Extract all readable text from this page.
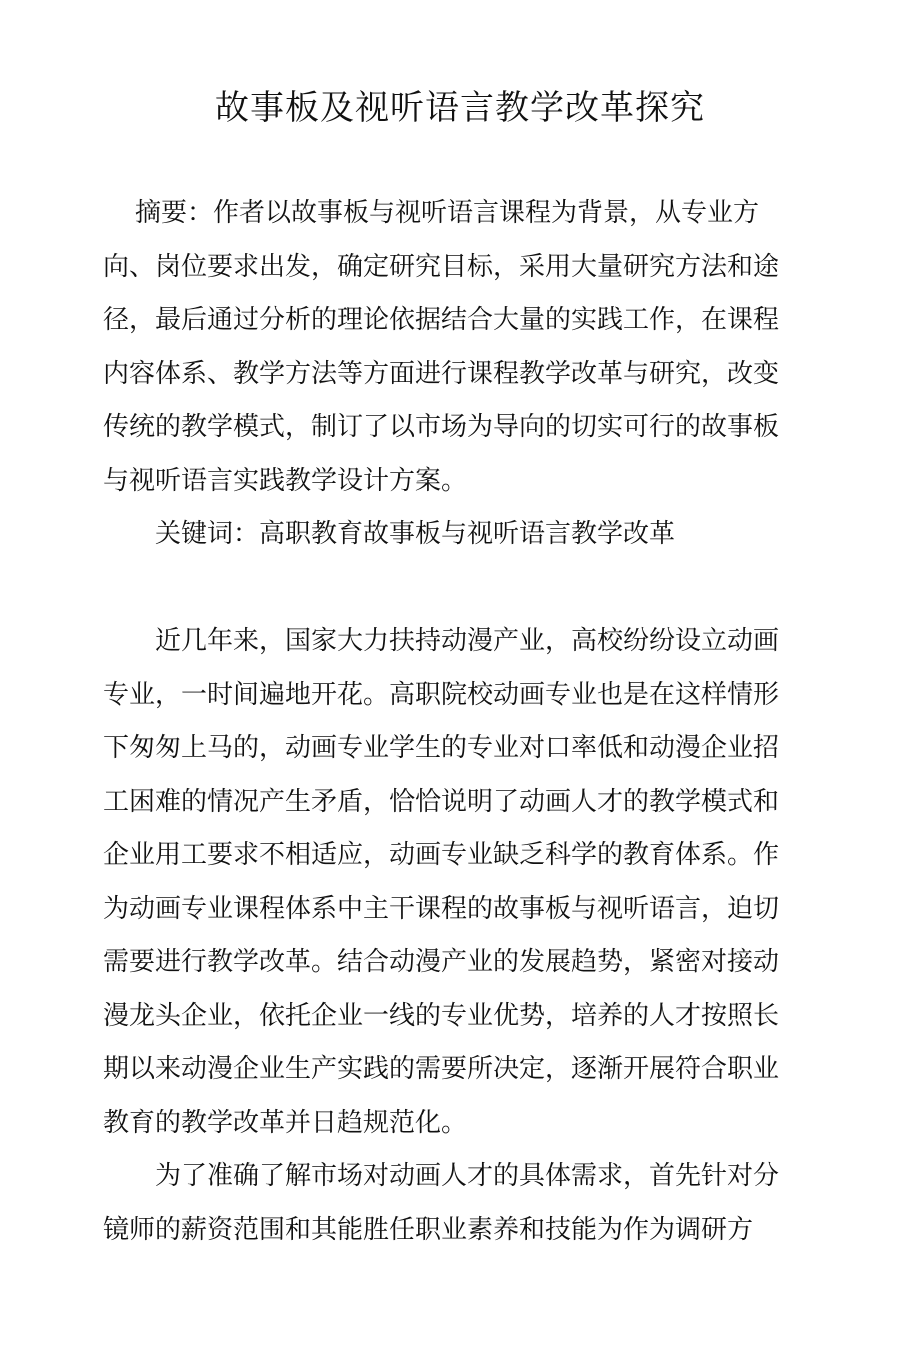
故事板及视听语言教学改革探究
摘要：作者以故事板与视听语言课程为背景，从专业方
向、岗位要求出发，确定研究目标，采用大量研究方法和途
径，最后通过分析的理论依据结合大量的实践工作，在课程
内容体系、教学方法等方面进行课程教学改革与研究，改变
传统的教学模式，制订了以市场为导向的切实可行的故事板
与视听语言实践教学设计方案。
关键词：高职教育故事板与视听语言教学改革
近几年来，国家大力扶持动漫产业，高校纷纷设立动画
专业，一时间遍地开花。高职院校动画专业也是在这样情形
下匆匆上马的，动画专业学生的专业对口率低和动漫企业招
工困难的情况产生矛盾，恰恰说明了动画人才的教学模式和
企业用工要求不相适应，动画专业缺乏科学的教育体系。作
为动画专业课程体系中主干课程的故事板与视听语言，迫切
需要进行教学改革。结合动漫产业的发展趋势，紧密对接动
漫龙头企业，依托企业一线的专业优势，培养的人才按照长
期以来动漫企业生产实践的需要所决定，逐渐开展符合职业
教育的教学改革并日趋规范化。
为了准确了解市场对动画人才的具体需求，首先针对分
镜师的薪资范围和其能胜任职业素养和技能为作为调研方
